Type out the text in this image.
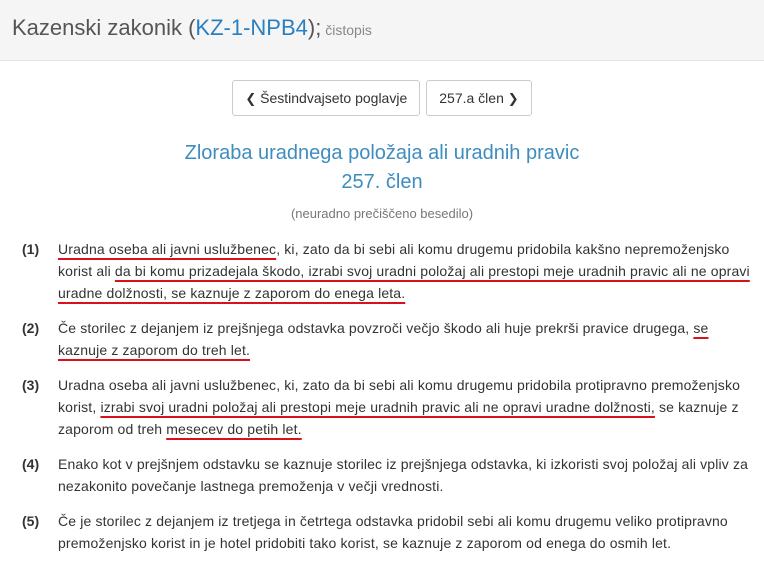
Kazenski zakonik (KZ-1-NPB4); čistopis
❮ Šestindvajseto poglavje 257.a člen ❯
Zloraba uradnega položaja ali uradnih pravic
257. člen
(neuradno prečiščeno besedilo)
(1) Uradna oseba ali javni uslužbenec, ki, zato da bi sebi ali komu drugemu pridobila kakšno nepremoženjsko korist ali da bi komu prizadejala škodo, izrabi svoj uradni položaj ali prestopi meje uradnih pravic ali ne opravi uradne dolžnosti, se kaznuje z zaporom do enega leta.
(2) Če storilec z dejanjem iz prejšnjega odstavka povzroči večjo škodo ali huje prekrši pravice drugega, se kaznuje z zaporom do treh let.
(3) Uradna oseba ali javni uslužbenec, ki, zato da bi sebi ali komu drugemu pridobila protipravno premoženjsko korist, izrabi svoj uradni položaj ali prestopi meje uradnih pravic ali ne opravi uradne dolžnosti, se kaznuje z zaporom od treh mesecev do petih let.
(4) Enako kot v prejšnjem odstavku se kaznuje storilec iz prejšnjega odstavka, ki izkoristi svoj položaj ali vpliv za nezakonito povečanje lastnega premoženja v večji vrednosti.
(5) Če je storilec z dejanjem iz tretjega in četrtega odstavka pridobil sebi ali komu drugemu veliko protipravno premoženjsko korist in je hotel pridobiti tako korist, se kaznuje z zaporom od enega do osmih let.
